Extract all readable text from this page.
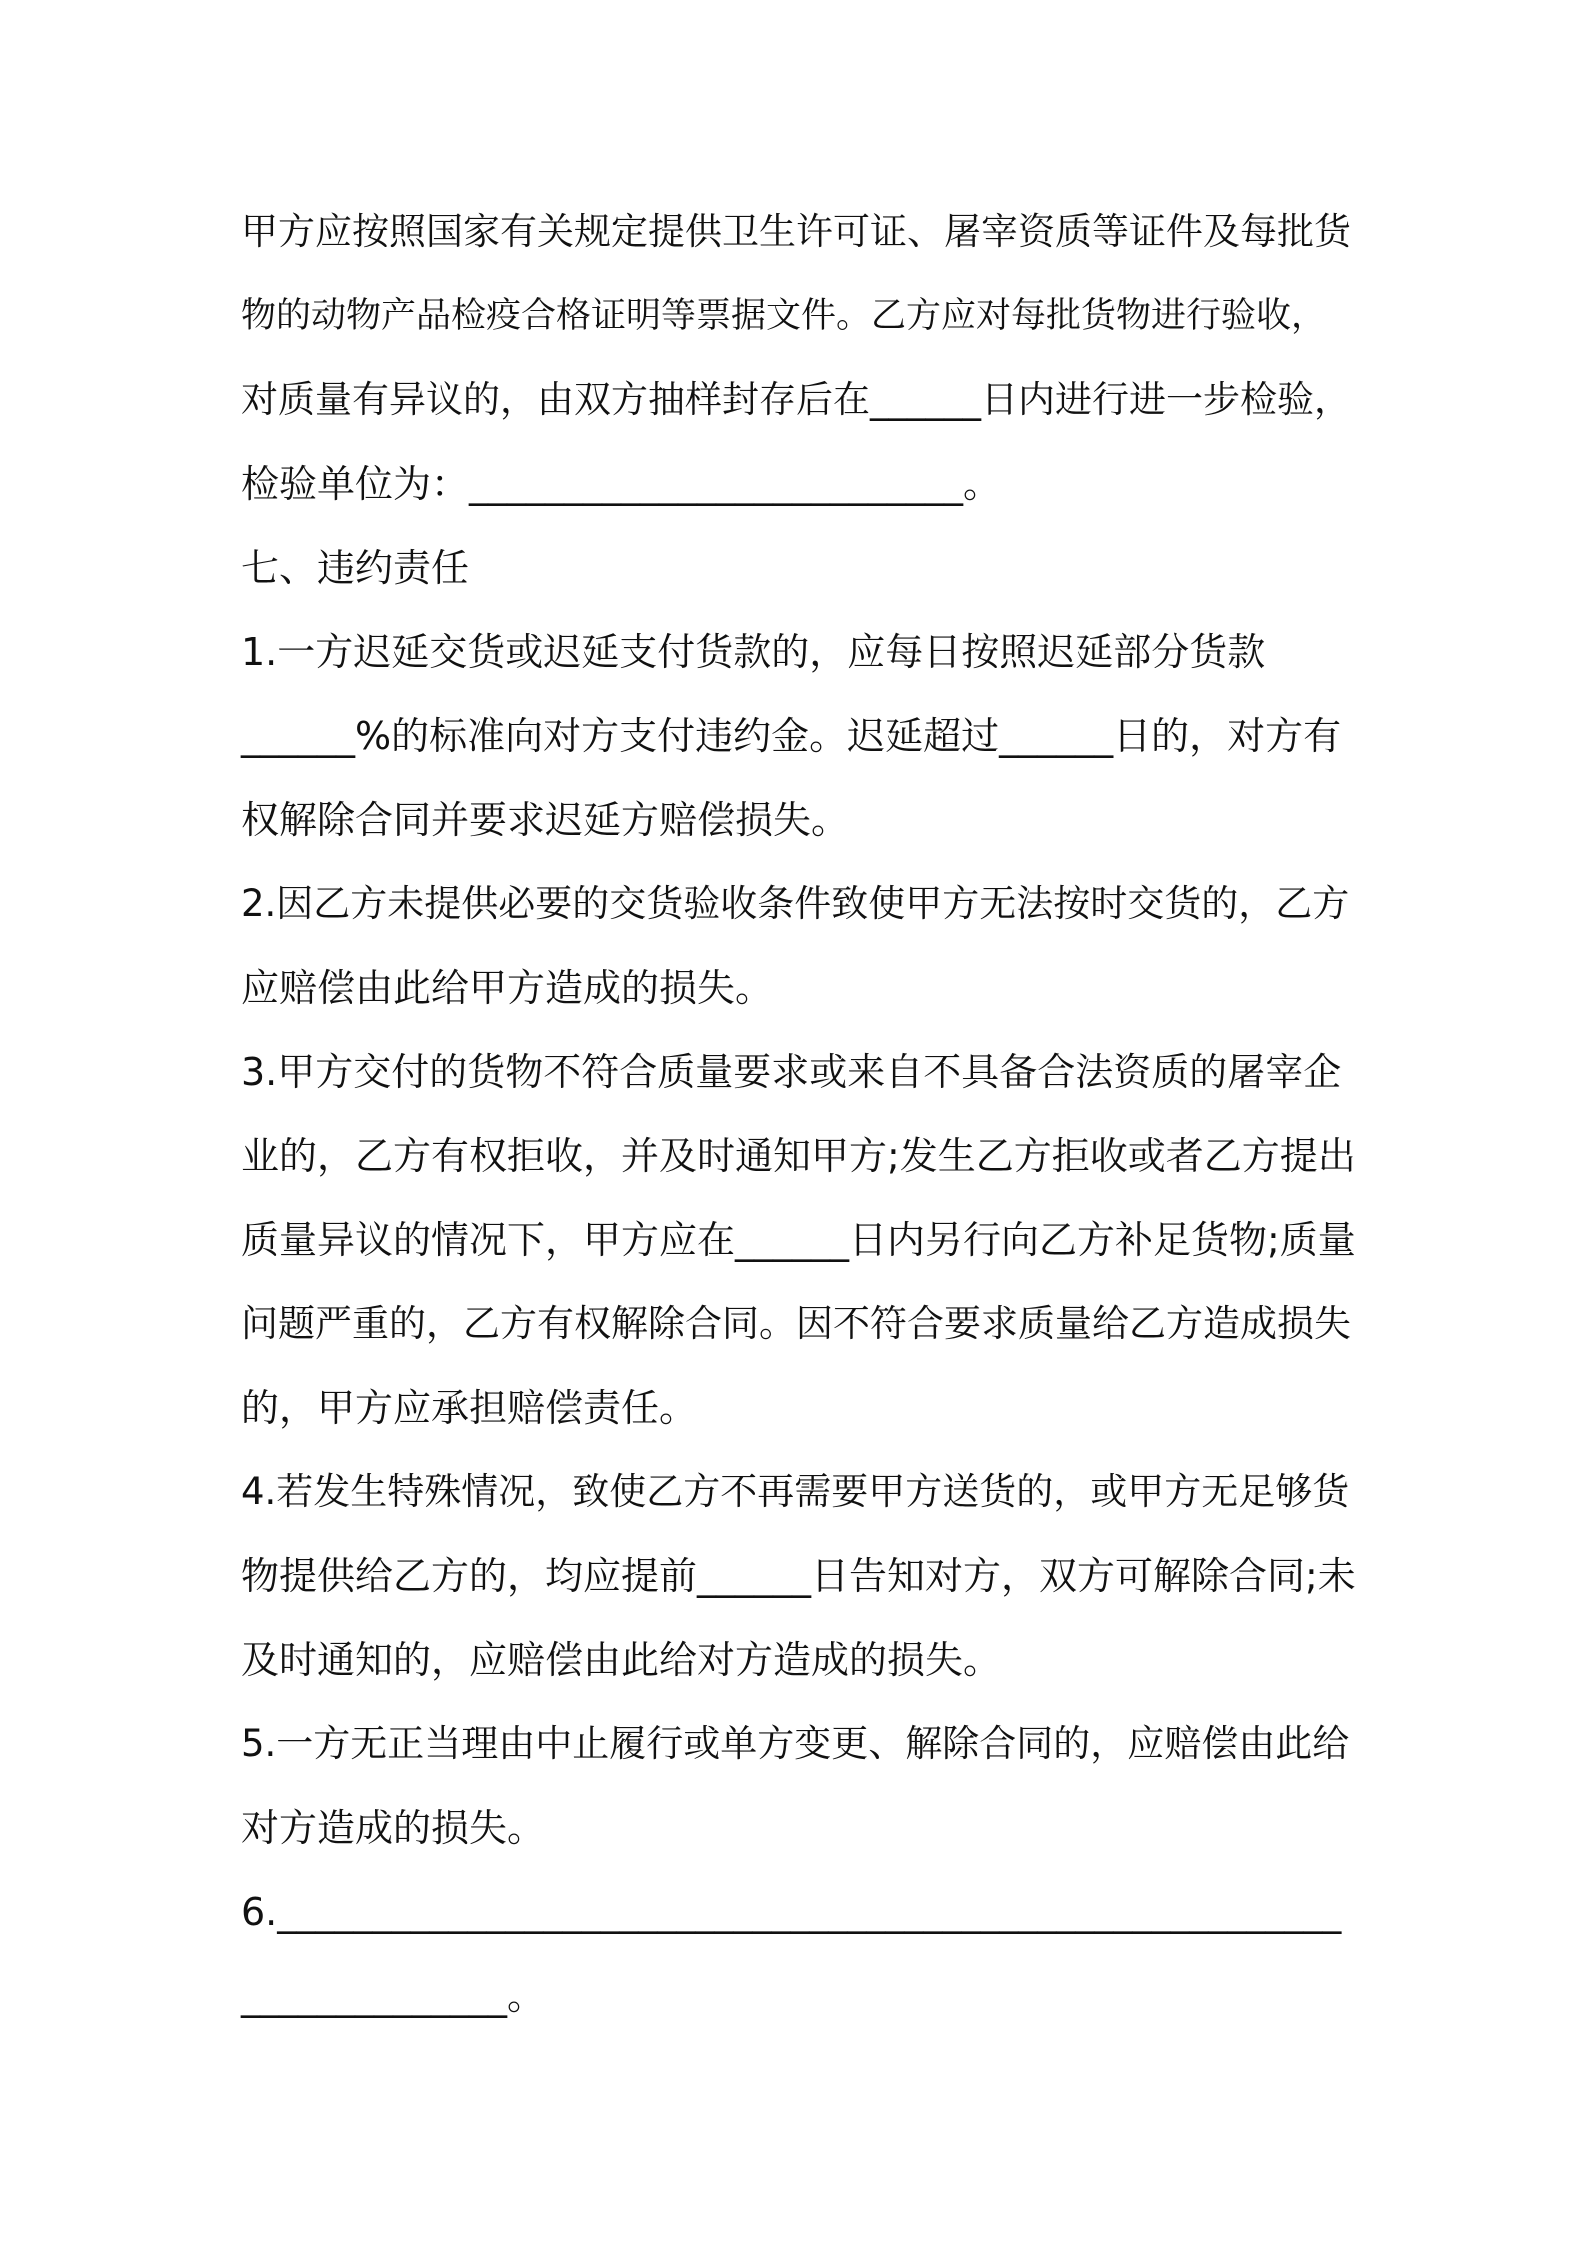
甲方应按照国家有关规定提供卫生许可证、屠宰资质等证件及每批货
物的动物产品检疫合格证明等票据文件。乙方应对每批货物进行验收，
对质量有异议的，由双方抽样封存后在______日内进行进一步检验，
检验单位为：__________________________。
七、违约责任
1.一方迟延交货或迟延支付货款的，应每日按照迟延部分货款
______%的标准向对方支付违约金。迟延超过______日的，对方有
权解除合同并要求迟延方赔偿损失。
2.因乙方未提供必要的交货验收条件致使甲方无法按时交货的，乙方
应赔偿由此给甲方造成的损失。
3.甲方交付的货物不符合质量要求或来自不具备合法资质的屠宰企
业的，乙方有权拒收，并及时通知甲方;发生乙方拒收或者乙方提出
质量异议的情况下，甲方应在______日内另行向乙方补足货物;质量
问题严重的，乙方有权解除合同。因不符合要求质量给乙方造成损失
的，甲方应承担赔偿责任。
4.若发生特殊情况，致使乙方不再需要甲方送货的，或甲方无足够货
物提供给乙方的，均应提前______日告知对方，双方可解除合同;未
及时通知的，应赔偿由此给对方造成的损失。
5.一方无正当理由中止履行或单方变更、解除合同的，应赔偿由此给
对方造成的损失。
6.________________________________________________________
______________。
